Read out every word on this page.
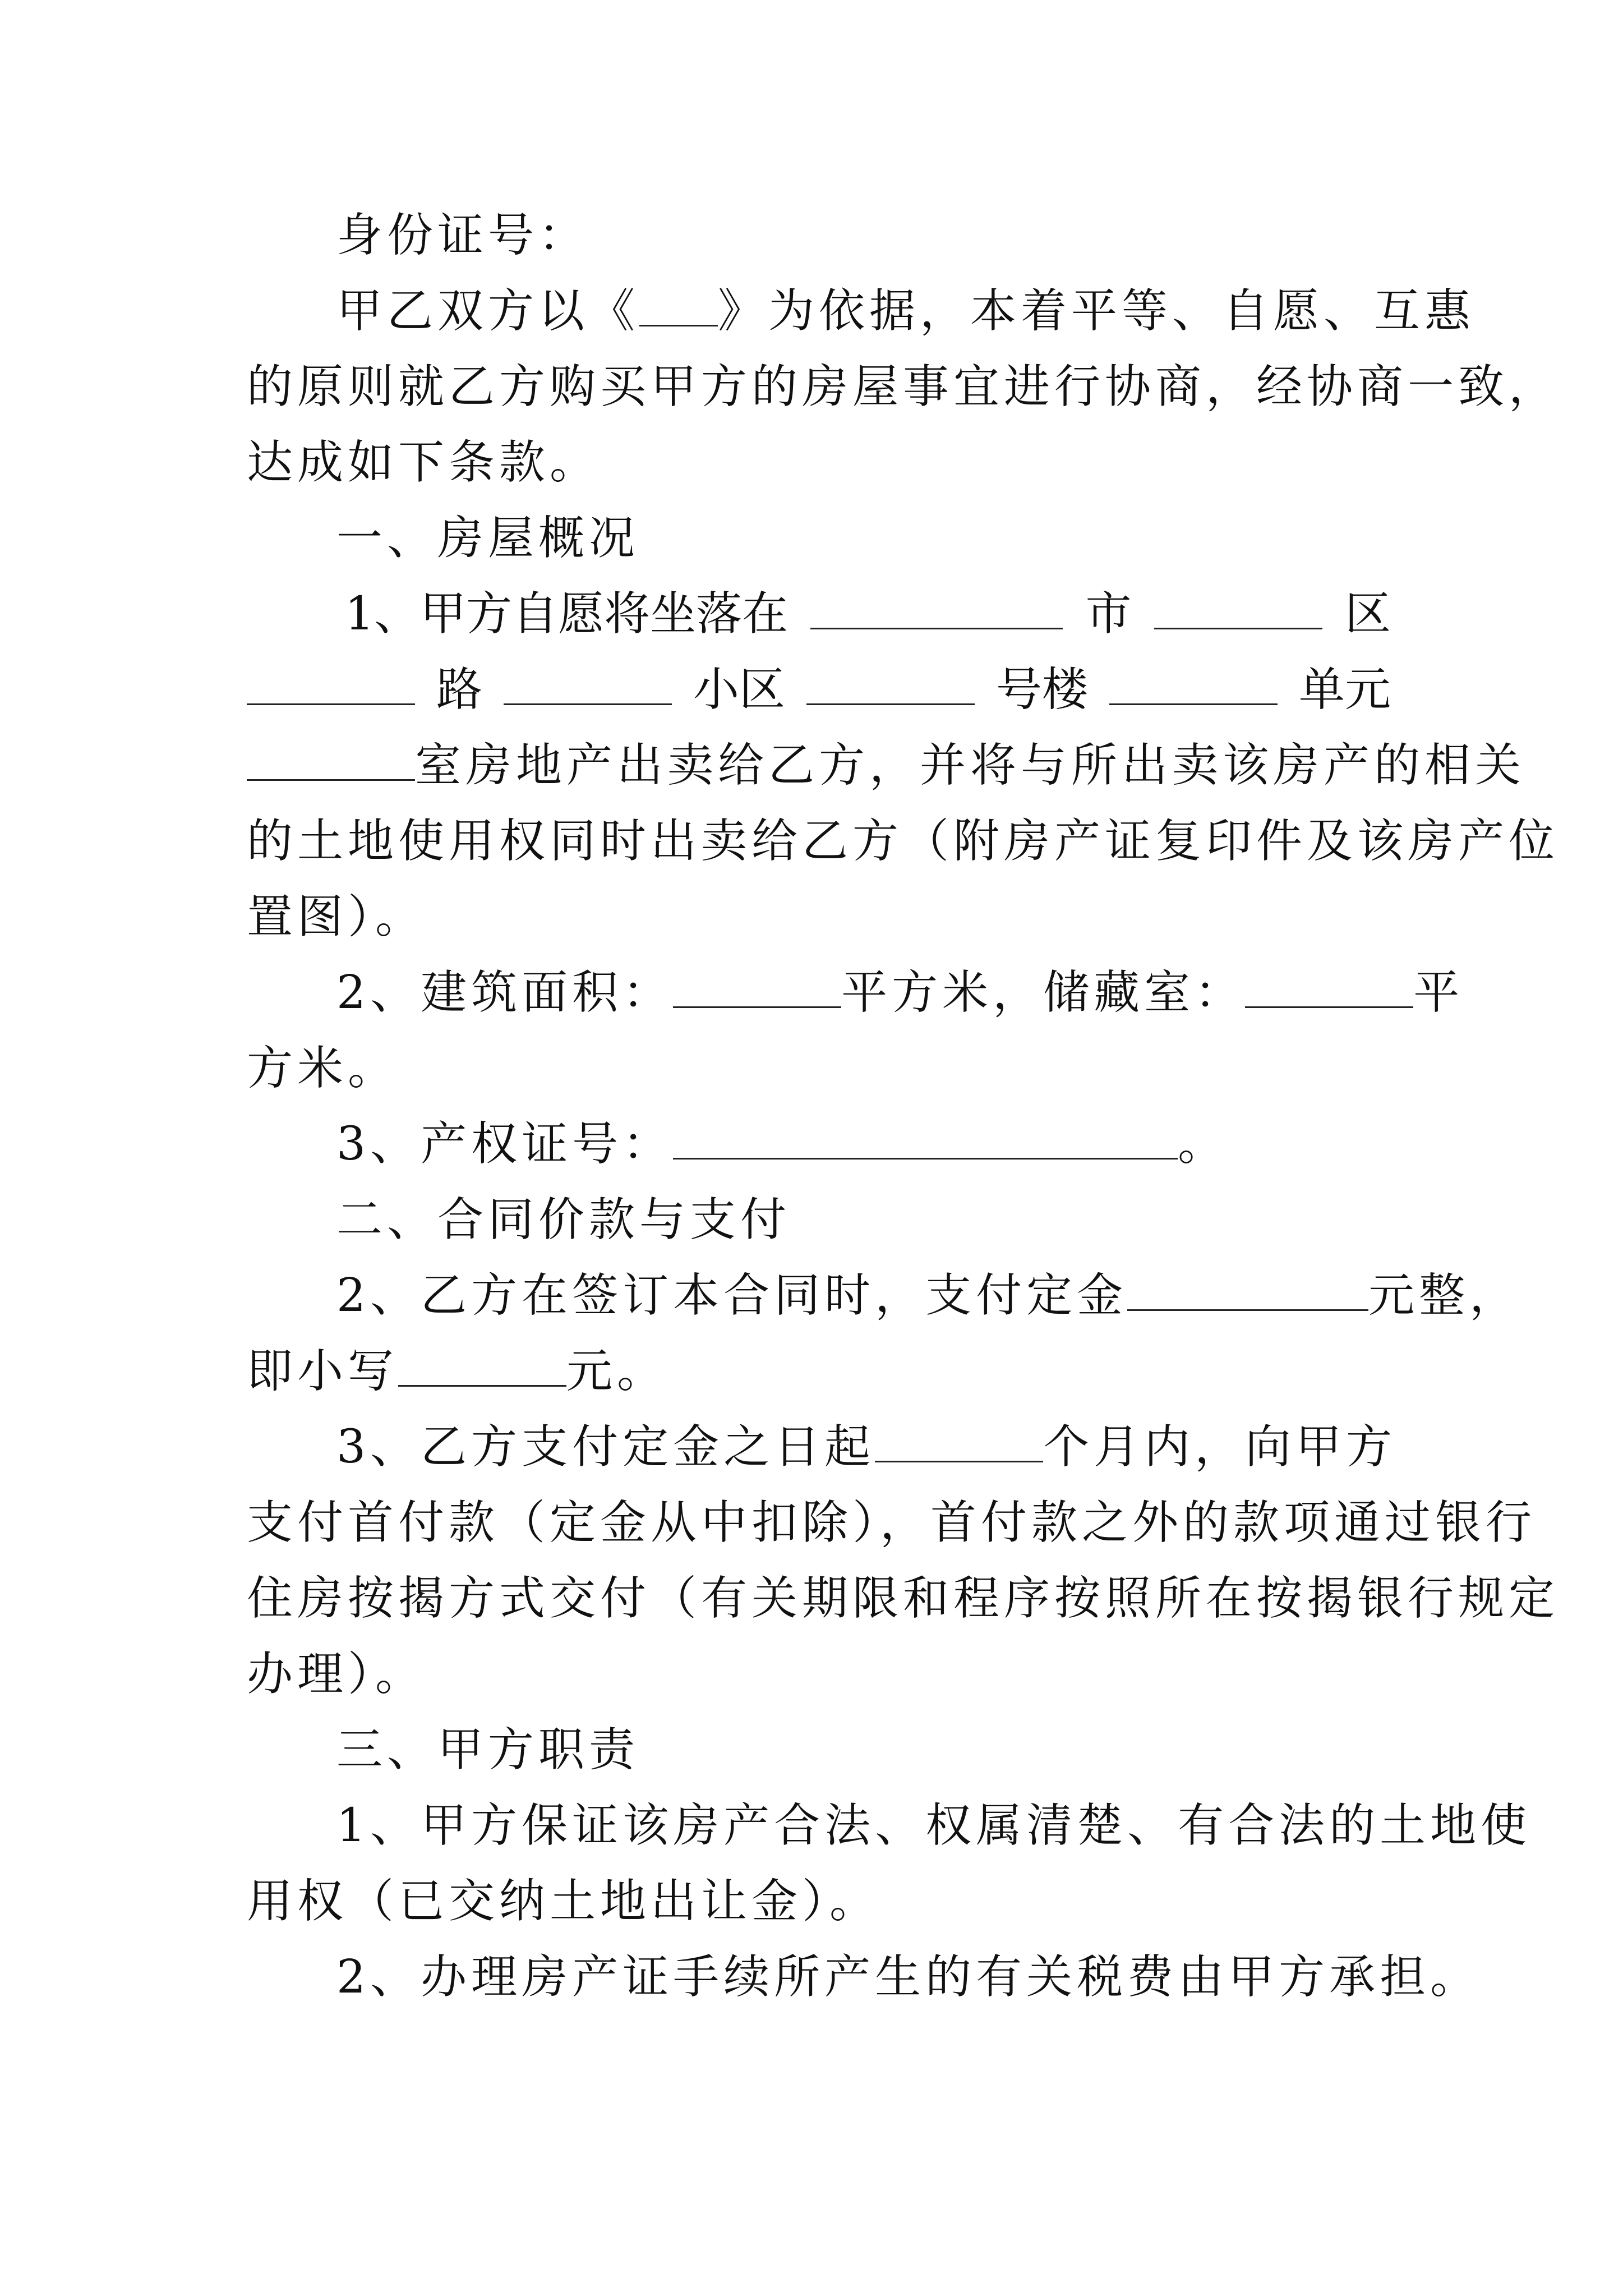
身份证号：
甲乙双方以《 》为依据，本着平等、自愿、互惠
的原则就乙方购买甲方的房屋事宜进行协商，经协商一致，
达成如下条款。
一、房屋概况
1、甲方自愿将坐落在	市	区
路	小区	号楼	单元
室房地产出卖给乙方，并将与所出卖该房产的相关
的土地使用权同时出卖给乙方（附房产证复印件及该房产位
置图）。
2、建筑面积：	平方米，储藏室：	平
方米。
3、产权证号：	。
二、合同价款与支付
2、乙方在签订本合同时，支付定金	元整，
即小写	元。
3、乙方支付定金之日起	个月内，向甲方
支付首付款（定金从中扣除），首付款之外的款项通过银行
住房按揭方式交付（有关期限和程序按照所在按揭银行规定
办理）。
三、甲方职责
1、甲方保证该房产合法、权属清楚、有合法的土地使
用权（已交纳土地出让金）。
2、办理房产证手续所产生的有关税费由甲方承担。
